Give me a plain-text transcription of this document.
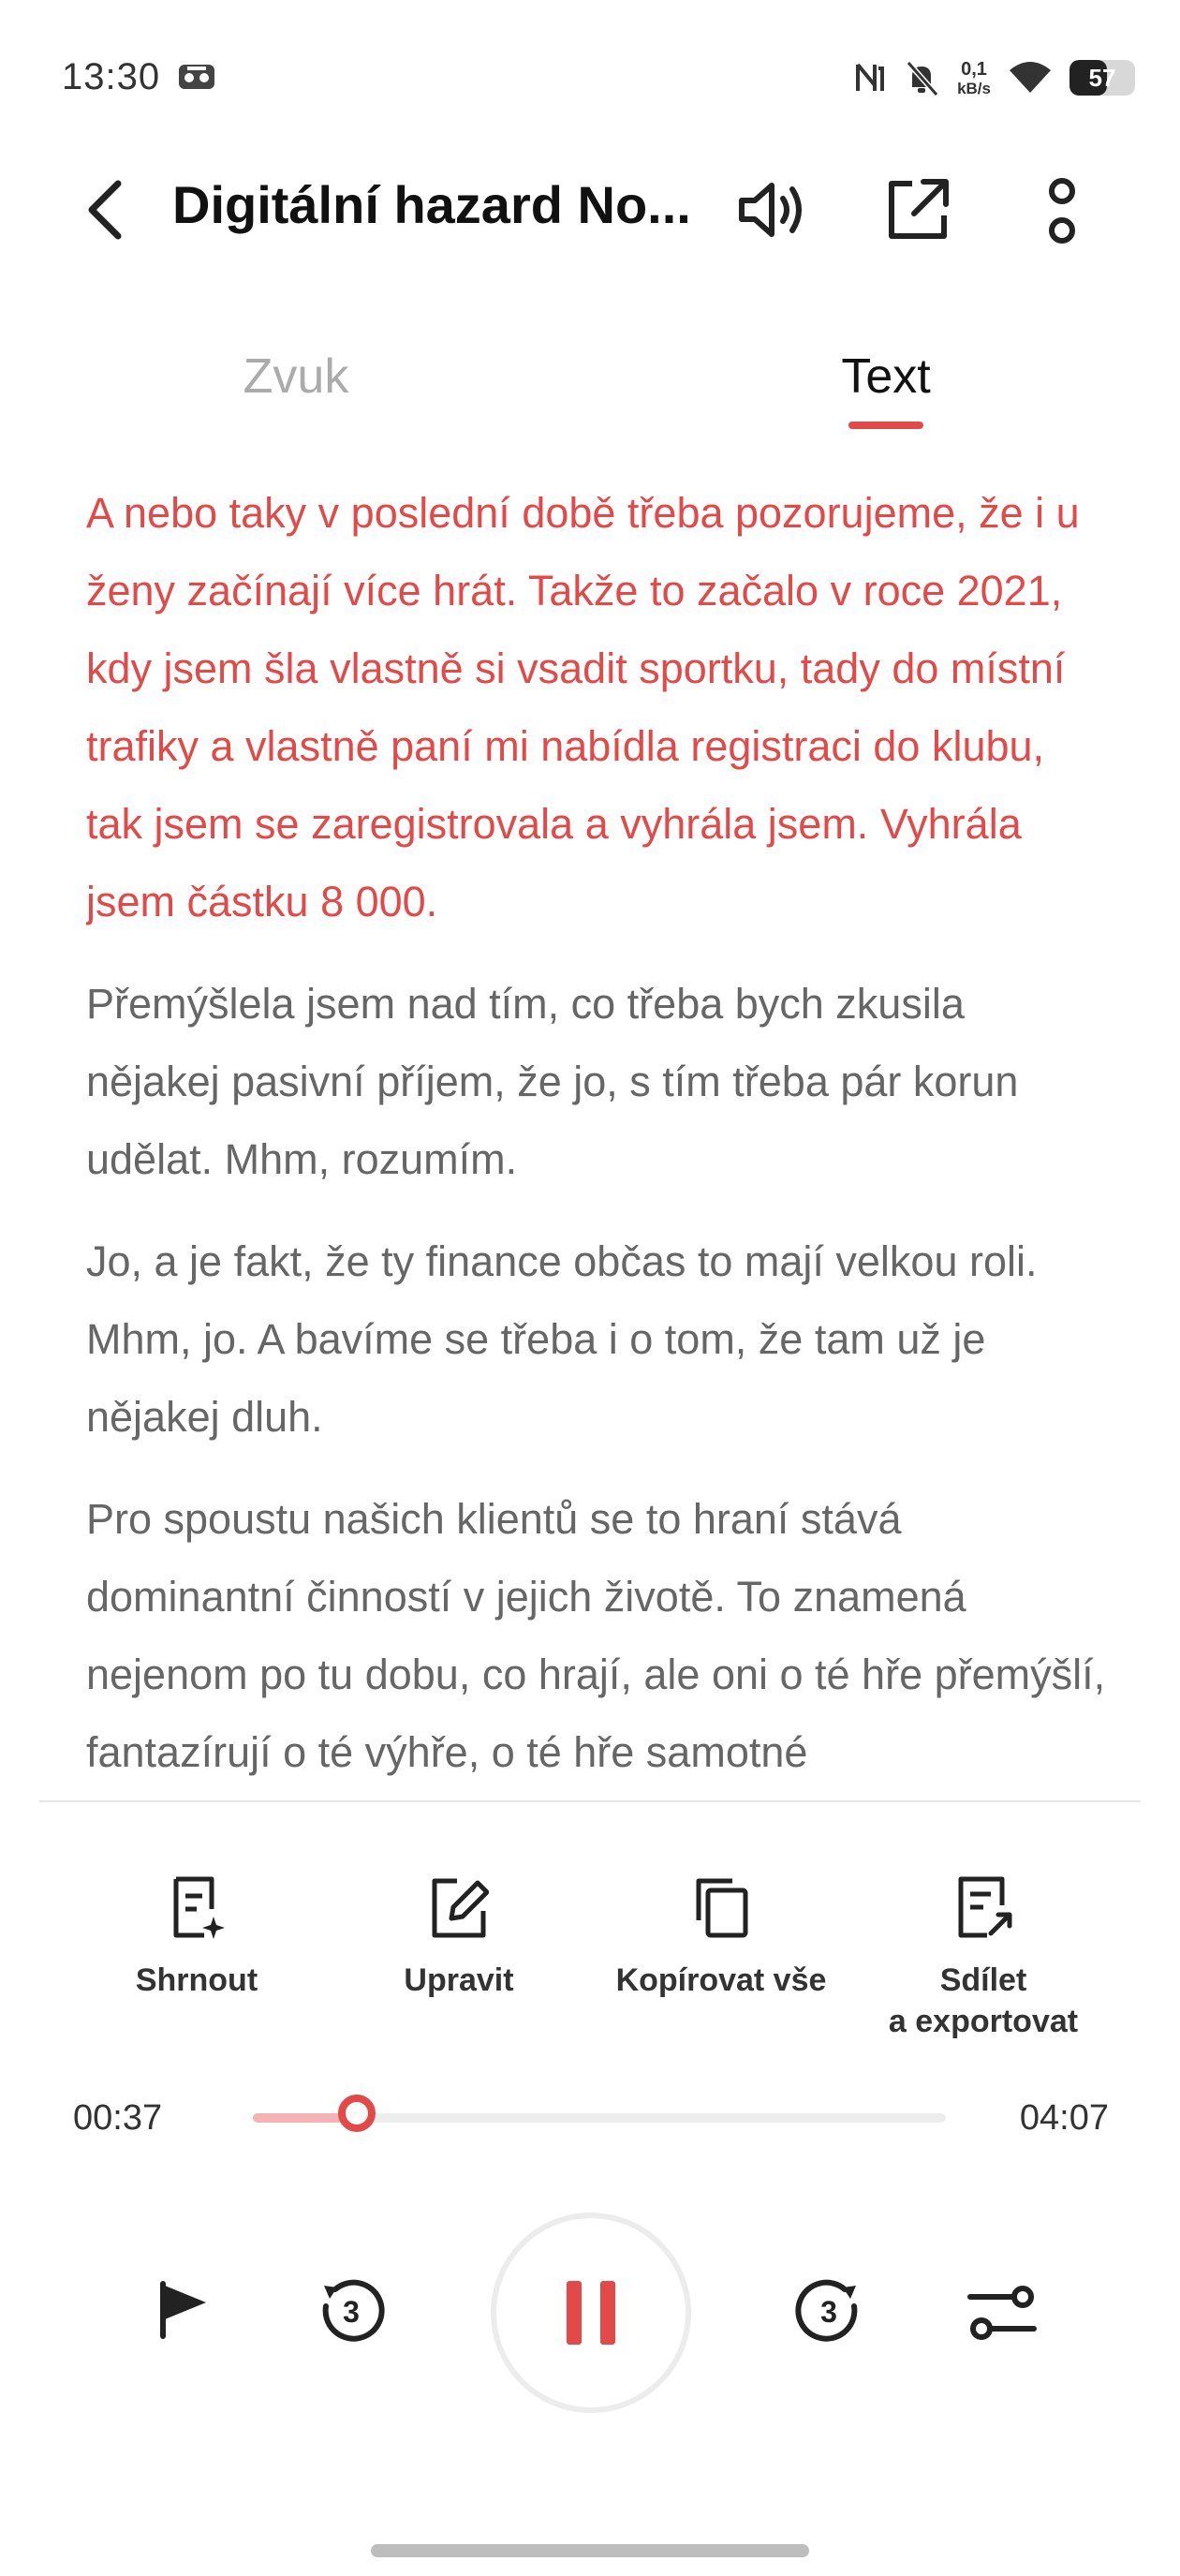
13:30	0,1
kB/s	57
Digitální hazard No...
Zvuk	Text

A nebo taky v poslední době třeba pozorujeme, že i u ženy začínají více hrát. Takže to začalo v roce 2021, kdy jsem šla vlastně si vsadit sportku, tady do místní trafiky a vlastně paní mi nabídla registraci do klubu, tak jsem se zaregistrovala a vyhrála jsem. Vyhrála jsem částku 8 000.

Přemýšlela jsem nad tím, co třeba bych zkusila nějakej pasivní příjem, že jo, s tím třeba pár korun udělat. Mhm, rozumím.

Jo, a je fakt, že ty finance občas to mají velkou roli. Mhm, jo. A bavíme se třeba i o tom, že tam už je nějakej dluh.

Pro spoustu našich klientů se to hraní stává dominantní činností v jejich životě. To znamená nejenom po tu dobu, co hrají, ale oni o té hře přemýšlí, fantazírují o té výhře, o té hře samotné

Shrnout	Upravit	Kopírovat vše	Sdílet
a exportovat
00:37	04:07
3	3
